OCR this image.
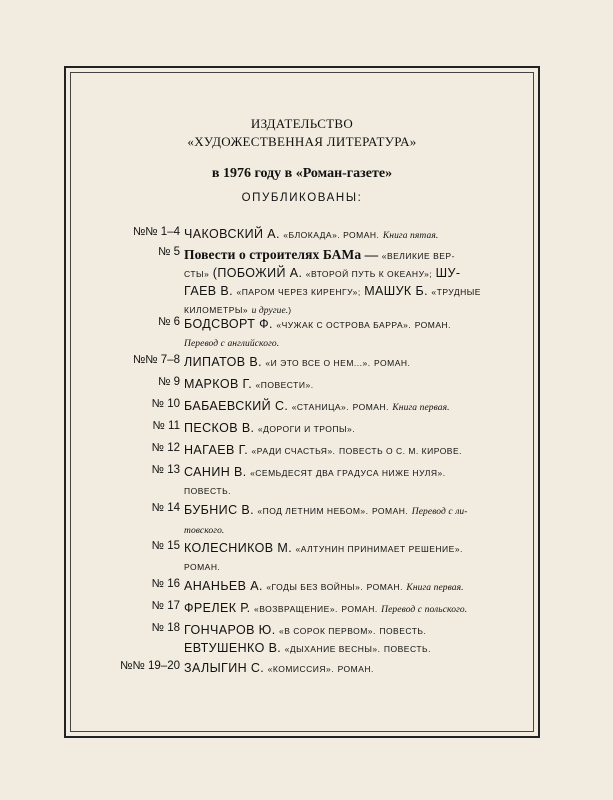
ИЗДАТЕЛЬСТВО
«ХУДОЖЕСТВЕННАЯ ЛИТЕРАТУРА»
в 1976 году в «Роман-газете»
ОПУБЛИКОВАНЫ:
№№ 1–4 ЧАКОВСКИЙ А. «БЛОКАДА». РОМАН. Книга пятая.
№ 5 Повести о строителях БАМа — «ВЕЛИКИЕ ВЕР-
СТЫ» (ПОБОЖИЙ А. «ВТОРОЙ ПУТЬ К ОКЕАНУ»; ШУ-
ГАЕВ В. «ПАРОМ ЧЕРЕЗ КИРЕНГУ»; МАШУК Б. «ТРУДНЫЕ
КИЛОМЕТРЫ» и другие.)
№ 6 БОДСВОРТ Ф. «ЧУЖАК С ОСТРОВА БАРРА». РОМАН.
Перевод с английского.
№№ 7–8 ЛИПАТОВ В. «И ЭТО ВСЕ О НЕМ...». РОМАН.
№ 9 МАРКОВ Г. «ПОВЕСТИ».
№ 10 БАБАЕВСКИЙ С. «СТАНИЦА». РОМАН. Книга первая.
№ 11 ПЕСКОВ В. «ДОРОГИ И ТРОПЫ».
№ 12 НАГАЕВ Г. «РАДИ СЧАСТЬЯ». ПОВЕСТЬ О С. М. КИРОВЕ.
№ 13 САНИН В. «СЕМЬДЕСЯТ ДВА ГРАДУСА НИЖЕ НУЛЯ».
ПОВЕСТЬ.
№ 14 БУБНИС В. «ПОД ЛЕТНИМ НЕБОМ». РОМАН. Перевод с ли-
товского.
№ 15 КОЛЕСНИКОВ М. «АЛТУНИН ПРИНИМАЕТ РЕШЕНИЕ».
РОМАН.
№ 16 АНАНЬЕВ А. «ГОДЫ БЕЗ ВОЙНЫ». РОМАН. Книга первая.
№ 17 ФРЕЛЕК Р. «ВОЗВРАЩЕНИЕ». РОМАН. Перевод с польского.
№ 18 ГОНЧАРОВ Ю. «В СОРОК ПЕРВОМ». ПОВЕСТЬ.
ЕВТУШЕНКО В. «ДЫХАНИЕ ВЕСНЫ». ПОВЕСТЬ.
№№ 19–20 ЗАЛЫГИН С. «КОМИССИЯ». РОМАН.
